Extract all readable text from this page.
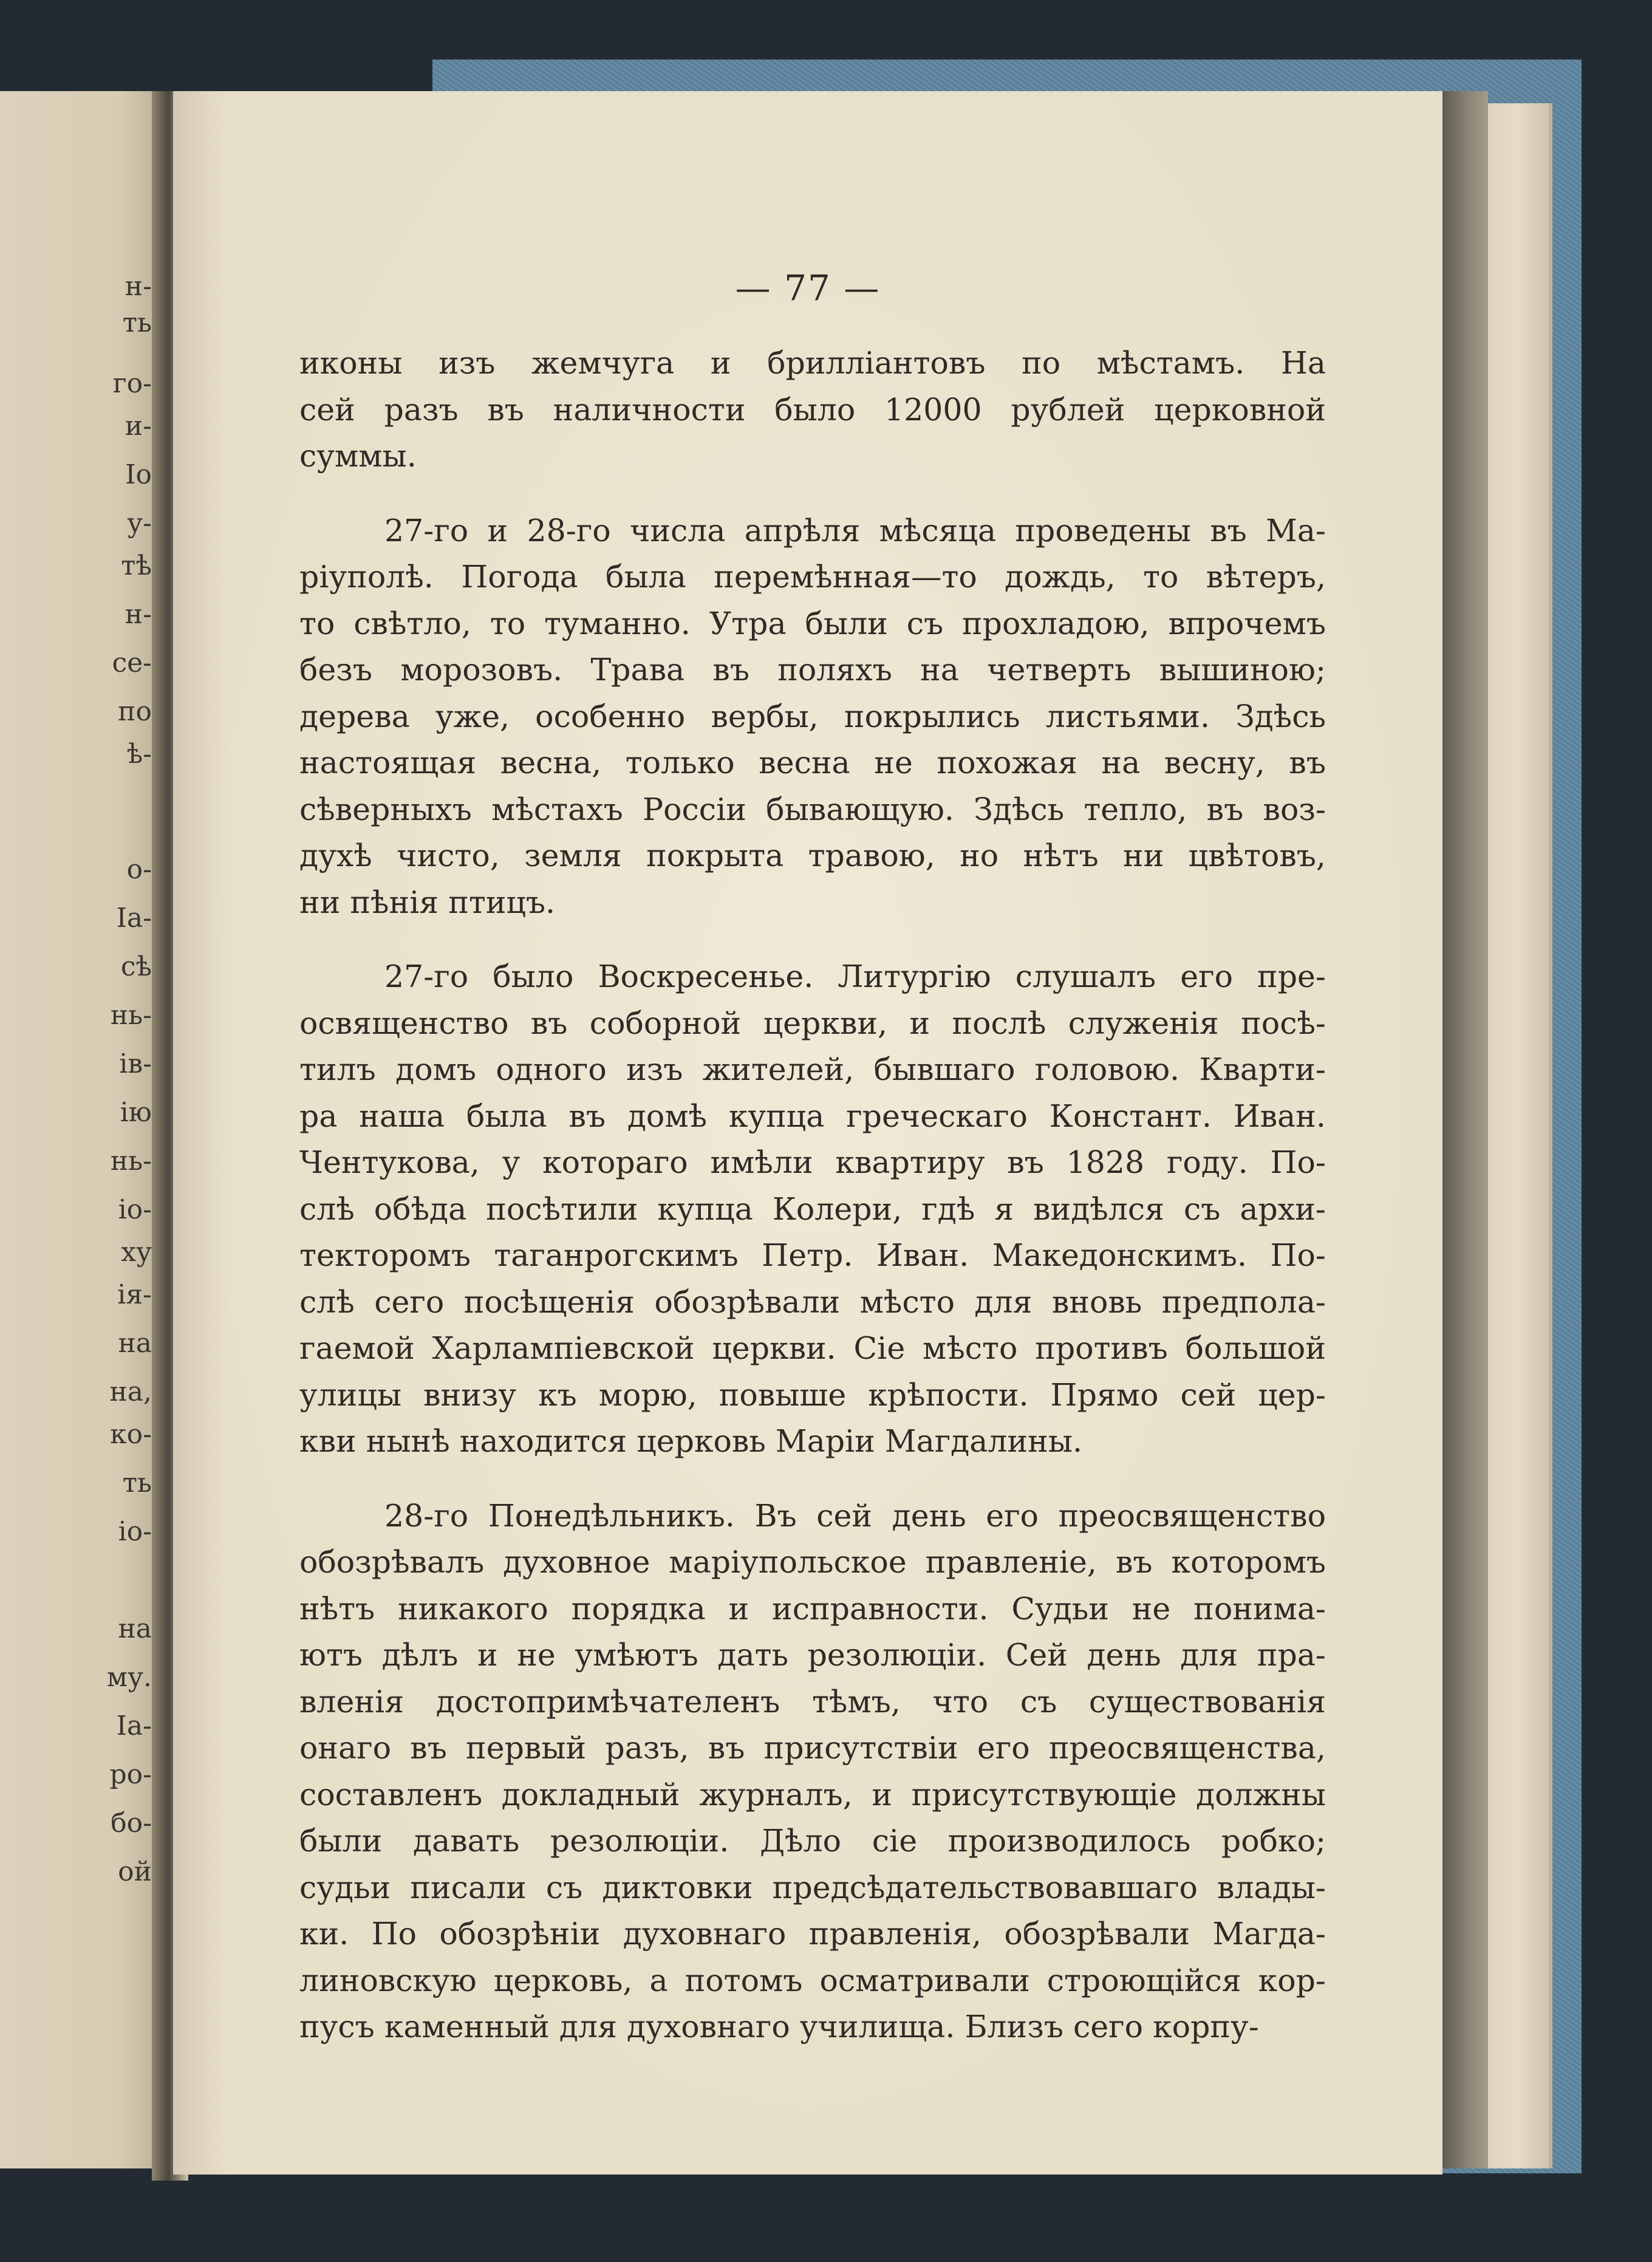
н-
ть
го-
и-
Io
у-
тѣ
н-
се-
по
ѣ-
о-
Ia-
сѣ
нь-
ів-
ію
нь-
іо-
ху
ія-
на
на,
ко-
ть
іо-
на
му.
Ia-
ро-
бо-
ой
— 77 —
иконы изъ жемчуга и брилліантовъ по мѣстамъ. На
сей разъ въ наличности было 12000 рублей церковной
суммы.
27-го и 28-го числа апрѣля мѣсяца проведены въ Ма-
ріуполѣ. Погода была перемѣнная—то дождь, то вѣтеръ,
то свѣтло, то туманно. Утра были съ прохладою, впрочемъ
безъ морозовъ. Трава въ поляхъ на четверть вышиною;
дерева уже, особенно вербы, покрылись листьями. Здѣсь
настоящая весна, только весна не похожая на весну, въ
сѣверныхъ мѣстахъ Россіи бывающую. Здѣсь тепло, въ воз-
духѣ чисто, земля покрыта травою, но нѣтъ ни цвѣтовъ,
ни пѣнія птицъ.
27-го было Воскресенье. Литургію слушалъ его пре-
освященство въ соборной церкви, и послѣ служенія посѣ-
тилъ домъ одного изъ жителей, бывшаго головою. Кварти-
ра наша была въ домѣ купца греческаго Констант. Иван.
Чентукова, у котораго имѣли квартиру въ 1828 году. По-
слѣ обѣда посѣтили купца Колери, гдѣ я видѣлся съ архи-
текторомъ таганрогскимъ Петр. Иван. Македонскимъ. По-
слѣ сего посѣщенія обозрѣвали мѣсто для вновь предпола-
гаемой Харлампіевской церкви. Сіе мѣсто противъ большой
улицы внизу къ морю, повыше крѣпости. Прямо сей цер-
кви нынѣ находится церковь Маріи Магдалины.
28-го Понедѣльникъ. Въ сей день его преосвященство
обозрѣвалъ духовное маріупольское правленіе, въ которомъ
нѣтъ никакого порядка и исправности. Судьи не понима-
ютъ дѣлъ и не умѣютъ дать резолюціи. Сей день для пра-
вленія достопримѣчателенъ тѣмъ, что съ существованія
онаго въ первый разъ, въ присутствіи его преосвященства,
составленъ докладный журналъ, и присутствующіе должны
были давать резолюціи. Дѣло сіе производилось робко;
судьи писали съ диктовки предсѣдательствовавшаго влады-
ки. По обозрѣніи духовнаго правленія, обозрѣвали Магда-
линовскую церковь, а потомъ осматривали строющійся кор-
пусъ каменный для духовнаго училища. Близъ сего корпу-
